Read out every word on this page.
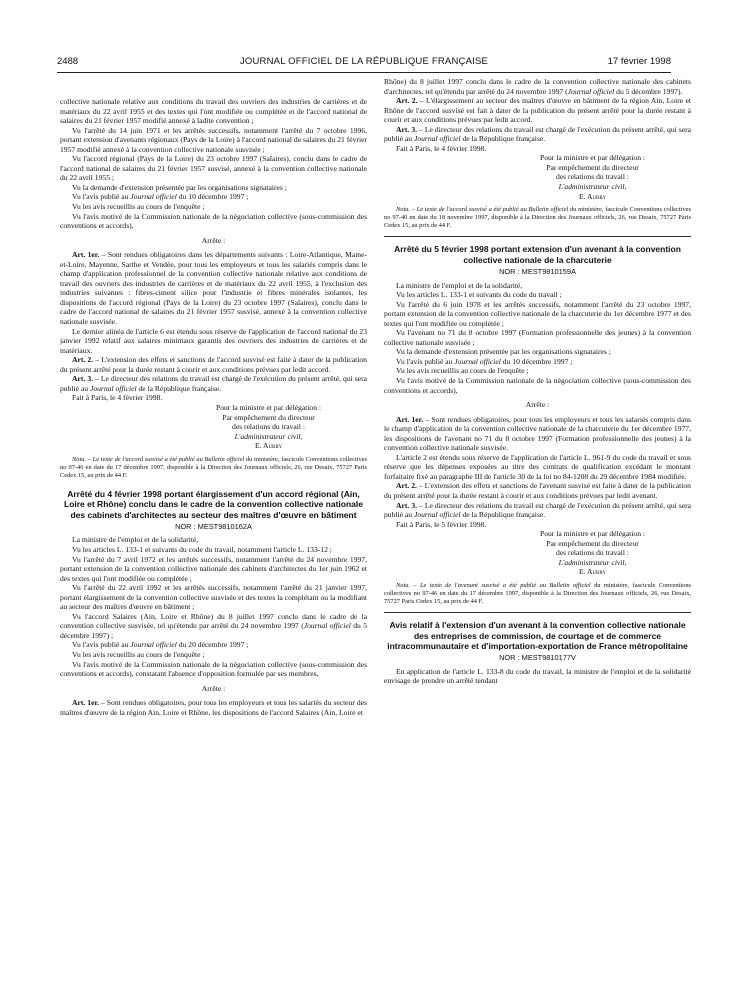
2488	JOURNAL OFFICIEL DE LA RÉPUBLIQUE FRANÇAISE	17 février 1998

collective nationale relative aux conditions du travail des ouvriers des industries de carrières et de matériaux du 22 avril 1955 et des textes qui l'ont modifiée ou complétée et de l'accord national de salaires du 21 février 1957 modifié annexé à ladite convention ;

Vu l'arrêté du 14 juin 1971 et les arrêtés successifs, notamment l'arrêté du 7 octobre 1996, portant extension d'avenants régionaux (Pays de la Loire) à l'accord national de salaires du 21 février 1957 modifié annexé à la convention collective nationale susvisée ;

Vu l'accord régional (Pays de la Loire) du 23 octobre 1997 (Salaires), conclu dans le cadre de l'accord national de salaires du 21 février 1957 susvisé, annexé à la convention collective nationale du 22 avril 1955 ;

Vu la demande d'extension présentée par les organisations signataires ;

Vu l'avis publié au Journal officiel du 10 décembre 1997 ;

Vu les avis recueillis au cours de l'enquête ;

Vu l'avis motivé de la Commission nationale de la négociation collective (sous-commission des conventions et accords),

Arrête :

Art. 1er. – Sont rendues obligatoires dans les départements suivants : Loire-Atlantique, Maine-et-Loire, Mayenne, Sarthe et Vendée, pour tous les employeurs et tous les salariés compris dans le champ d'application professionnel de la convention collective nationale relative aux conditions de travail des ouvriers des industries de carrières et de matériaux du 22 avril 1955, à l'exclusion des industries suivantes : fibres-ciment silice pour l'industrie et fibres minérales isolantes, les dispositions de l'accord régional (Pays de la Loire) du 23 octobre 1997 (Salaires), conclu dans le cadre de l'accord national de salaires du 21 février 1957 susvisé, annexé à la convention collective nationale susvisée.

Le dernier alinéa de l'article 6 est étendu sous réserve de l'application de l'accord national du 23 janvier 1992 relatif aux salaires minimaux garantis des ouvriers des industries de carrières et de matériaux.

Art. 2. – L'extension des effets et sanctions de l'accord susvisé est faite à dater de la publication du présent arrêté pour la durée restant à courir et aux conditions prévues par ledit accord.

Art. 3. – Le directeur des relations du travail est chargé de l'exécution du présent arrêté, qui sera publié au Journal officiel de la République française.

Fait à Paris, le 4 février 1998.

Pour la ministre et par délégation :

Par empêchement du directeur

des relations du travail :

L'administrateur civil,

E. Aubry

Nota. – Le texte de l'accord susvisé a été publié au Bulletin officiel du ministère, fascicule Conventions collectives no 97-46 en date du 17 décembre 1997, disponible à la Direction des Journaux officiels, 26, rue Desaix, 75727 Paris Cedex 15, au prix de 44 F.

Arrêté du 4 février 1998 portant élargissement d'un accord régional (Ain, Loire et Rhône) conclu dans le cadre de la convention collective nationale des cabinets d'architectes au secteur des maîtres d'œuvre en bâtiment

NOR : MESТ9810162A

La ministre de l'emploi et de la solidarité,

Vu les articles L. 133-1 et suivants du code du travail, notamment l'article L. 133-12 ;

Vu l'arrêté du 7 avril 1972 et les arrêtés successifs, notamment l'arrêté du 24 novembre 1997, portant extension de la convention collective nationale des cabinets d'architectes du 1er juin 1962 et des textes qui l'ont modifiée ou complétée ;

Vu l'arrêté du 22 avril 1992 et les arrêtés successifs, notamment l'arrêté du 21 janvier 1997, portant élargissement de la convention collective susvisée et des textes la complétant ou la modifiant au secteur des maîtres d'œuvre en bâtiment ;

Vu l'accord Salaires (Ain, Loire et Rhône) du 8 juillet 1997 conclu dans le cadre de la convention collective susvisée, tel qu'étendu par arrêté du 24 novembre 1997 (Journal officiel du 5 décembre 1997) ;

Vu l'avis publié au Journal officiel du 20 décembre 1997 ;

Vu les avis recueillis au cours de l'enquête ;

Vu l'avis motivé de la Commission nationale de la négociation collective (sous-commission des conventions et accords), constatant l'absence d'opposition formulée par ses membres,

Arrête :

Art. 1er. – Sont rendues obligatoires, pour tous les employeurs et tous les salariés du secteur des maîtres d'œuvre de la région Ain, Loire et Rhône, les dispositions de l'accord Salaires (Ain, Loire et

Rhône) du 8 juillet 1997 conclu dans le cadre de la convention collective nationale des cabinets d'architectes, tel qu'étendu par arrêté du 24 novembre 1997 (Journal officiel du 5 décembre 1997).

Art. 2. – L'élargissement au secteur des maîtres d'œuvre en bâtiment de la région Ain, Loire et Rhône de l'accord susvisé est fait à dater de la publication du présent arrêté pour la durée restant à courir et aux conditions prévues par ledit accord.

Art. 3. – Le directeur des relations du travail est chargé de l'exécution du présent arrêté, qui sera publié au Journal officiel de la République française.

Fait à Paris, le 4 février 1998.

Pour la ministre et par délégation :

Par empêchement du directeur

des relations du travail :

L'administrateur civil,

E. Aubry

Nota. – Le texte de l'accord susvisé a été publié au Bulletin officiel du ministère, fascicule Conventions collectives no 97-40 en date du 18 novembre 1997, disponible à la Direction des Journaux officiels, 26, rue Desaix, 75727 Paris Cedex 15, au prix de 44 F.

Arrêté du 5 février 1998 portant extension d'un avenant à la convention collective nationale de la charcuterie

NOR : MESТ9810159A

La ministre de l'emploi et de la solidarité,

Vu les articles L. 133-1 et suivants du code du travail ;

Vu l'arrêté du 6 juin 1978 et les arrêtés successifs, notamment l'arrêté du 23 octobre 1997, portant extension de la convention collective nationale de la charcuterie du 1er décembre 1977 et des textes qui l'ont modifiée ou complétée ;

Vu l'avenant no 71 du 8 octobre 1997 (Formation professionnelle des jeunes) à la convention collective nationale susvisée ;

Vu la demande d'extension présentée par les organisations signataires ;

Vu l'avis publié au Journal officiel du 10 décembre 1997 ;

Vu les avis recueillis au cours de l'enquête ;

Vu l'avis motivé de la Commission nationale de la négociation collective (sous-commission des conventions et accords),

Arrête :

Art. 1er. – Sont rendues obligatoires, pour tous les employeurs et tous les salariés compris dans le champ d'application de la convention collective nationale de la charcuterie du 1er décembre 1977, les dispositions de l'avenant no 71 du 8 octobre 1997 (Formation professionnelle des jeunes) à la convention collective nationale susvisée.

L'article 2 est étendu sous réserve de l'application de l'article L. 961-9 du code du travail et sous réserve que les dépenses exposées au titre des contrats de qualification excédant le montant forfaitaire fixé au paragraphe III de l'article 30 de la loi no 84-1208 du 29 décembre 1984 modifiée.

Art. 2. – L'extension des effets et sanctions de l'avenant susvisé est faite à dater de la publication du présent arrêté pour la durée restant à courir et aux conditions prévues par ledit avenant.

Art. 3. – Le directeur des relations du travail est chargé de l'exécution du présent arrêté, qui sera publié au Journal officiel de la République française.

Fait à Paris, le 5 février 1998.

Pour la ministre et par délégation :

Par empêchement du directeur

des relations du travail :

L'administrateur civil,

E. Aubry

Nota. – Le texte de l'avenant susvisé a été publié au Bulletin officiel du ministère, fascicule Conventions collectives no 97-46 en date du 17 décembre 1997, disponible à la Direction des Journaux officiels, 26, rue Desaix, 75727 Paris Cedex 15, au prix de 44 F.

Avis relatif à l'extension d'un avenant à la convention collective nationale des entreprises de commission, de courtage et de commerce intracommunautaire et d'importation-exportation de France métropolitaine

NOR : MESТ9810177V

En application de l'article L. 133-8 du code du travail, la ministre de l'emploi et de la solidarité envisage de prendre un arrêté tendant
